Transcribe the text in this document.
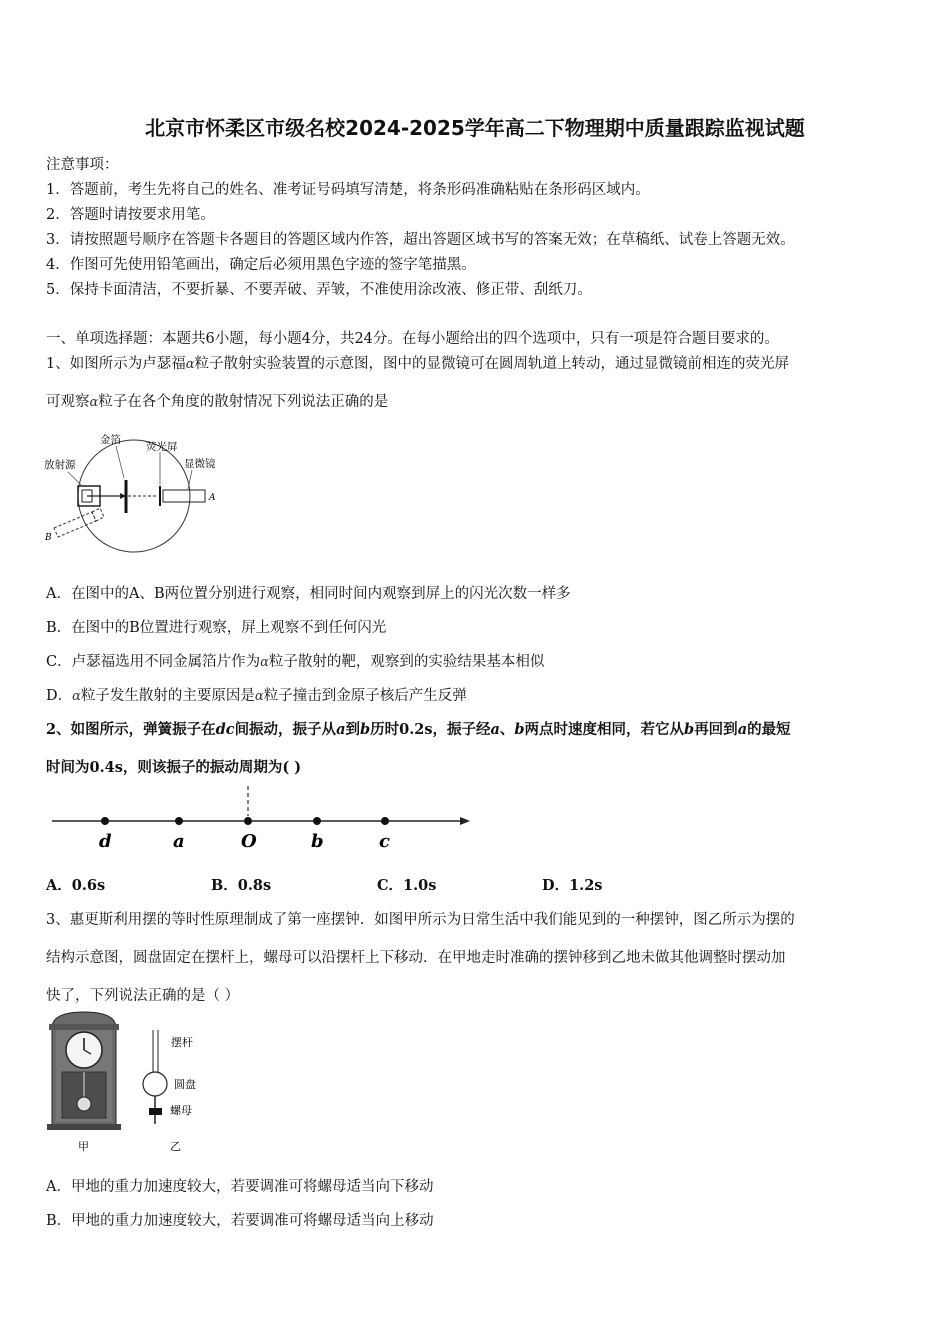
北京市怀柔区市级名校2024-2025学年高二下物理期中质量跟踪监视试题
注意事项：
1．答题前，考生先将自己的姓名、准考证号码填写清楚，将条形码准确粘贴在条形码区域内。
2．答题时请按要求用笔。
3．请按照题号顺序在答题卡各题目的答题区域内作答，超出答题区域书写的答案无效；在草稿纸、试卷上答题无效。
4．作图可先使用铅笔画出，确定后必须用黑色字迹的签字笔描黑。
5．保持卡面清洁，不要折暴、不要弄破、弄皱，不准使用涂改液、修正带、刮纸刀。
一、单项选择题：本题共6小题，每小题4分，共24分。在每小题给出的四个选项中，只有一项是符合题目要求的。
1、如图所示为卢瑟福α粒子散射实验装置的示意图，图中的显微镜可在圆周轨道上转动，通过显微镜前相连的荧光屏
可观察α粒子在各个角度的散射情况下列说法正确的是
A
B
放射源
金箔
荧光屏
显微镜
A．在图中的A、B两位置分别进行观察，相同时间内观察到屏上的闪光次数一样多
B．在图中的B位置进行观察，屏上观察不到任何闪光
C．卢瑟福选用不同金属箔片作为α粒子散射的靶，观察到的实验结果基本相似
D．α粒子发生散射的主要原因是α粒子撞击到金原子核后产生反弹
2、如图所示，弹簧振子在dc间振动，振子从a到b历时0.2s，振子经a、b两点时速度相同，若它从b再回到a的最短
时间为0.4s，则该振子的振动周期为( )
d	a	O	b	c
A．0.6s	B．0.8s	C．1.0s	D．1.2s
3、惠更斯利用摆的等时性原理制成了第一座摆钟．如图甲所示为日常生活中我们能见到的一种摆钟，图乙所示为摆的
结构示意图，圆盘固定在摆杆上，螺母可以沿摆杆上下移动．在甲地走时准确的摆钟移到乙地未做其他调整时摆动加
快了，下列说法正确的是（ ）
甲
摆杆
圆盘
螺母
乙
A．甲地的重力加速度较大，若要调准可将螺母适当向下移动
B．甲地的重力加速度较大，若要调准可将螺母适当向上移动
